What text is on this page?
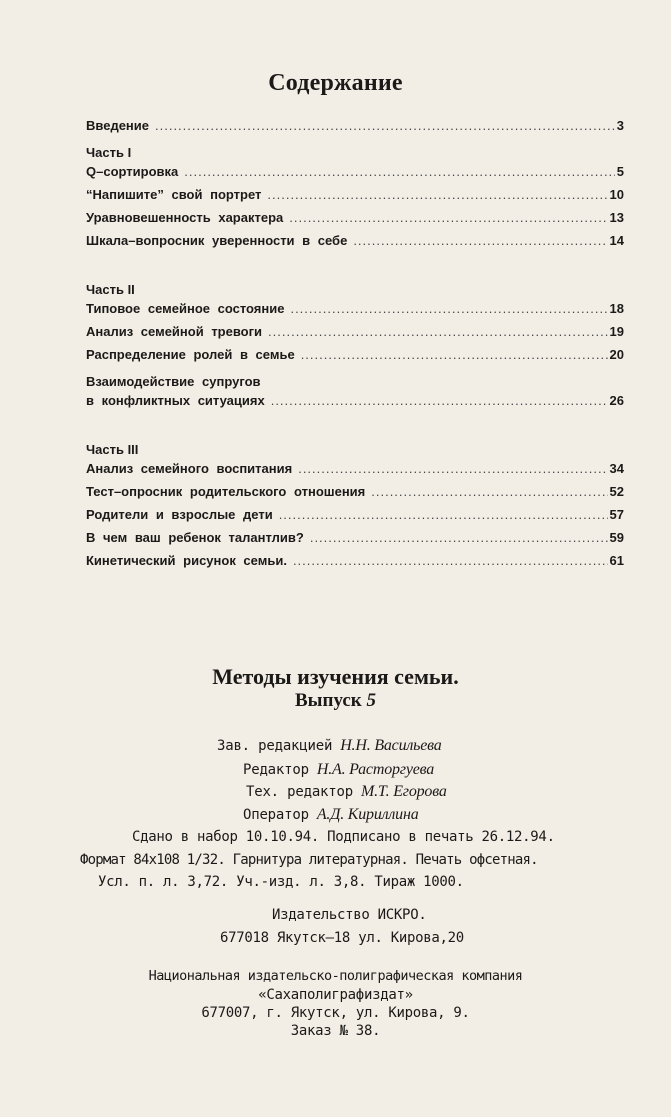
Содержание
Введение .....	3
Часть I
Q–сортировка .....	5
“Напишите” свой портрет .....	10
Уравновешенность характера .....	13
Шкала–вопросник уверенности в себе .....	14
Часть II
Типовое семейное состояние .....	18
Анализ семейной тревоги .....	19
Распределение ролей в семье .....	20
Взаимодействие супругов
в конфликтных ситуациях .....	26
Часть III
Анализ семейного воспитания .....	34
Тест–опросник родительского отношения .....	52
Родители и взрослые дети .....	57
В чем ваш ребенок талантлив? .....	59
Кинетический рисунок семьи. .....	61
Методы изучения семьи.
Выпуск 5
Зав. редакцией Н.Н. Васильева
Редактор Н.А. Расторгуева
Тех. редактор М.Т. Егорова
Оператор А.Д. Кириллина
Сдано в набор 10.10.94. Подписано в печать 26.12.94.
Формат 84х108 1/32. Гарнитура литературная. Печать офсетная.
Усл. п. л. 3,72. Уч.-изд. л. 3,8. Тираж 1000.
Издательство ИСКРО.
677018 Якутск–18 ул. Кирова,20
Национальная издательско-полиграфическая компания
«Сахаполиграфиздат»
677007, г. Якутск, ул. Кирова, 9.
Заказ № 38.
